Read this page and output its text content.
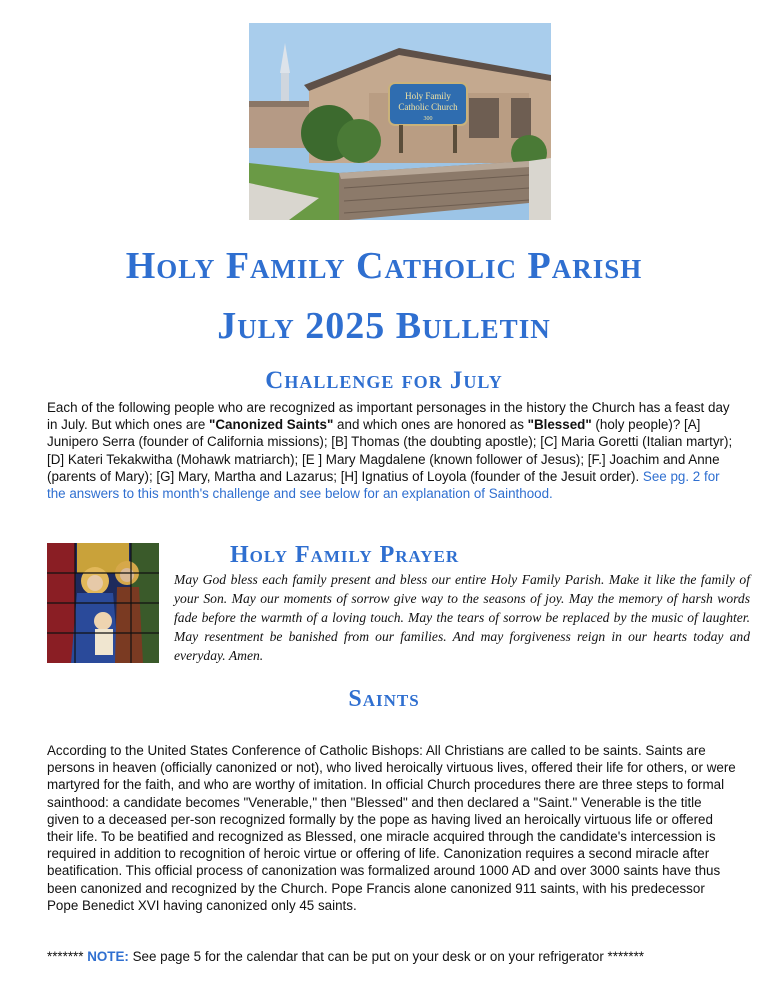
Holy Family
Catholic Church
300
Holy Family Catholic Parish
July 2025 Bulletin
Challenge for July
Each of the following people who are recognized as important personages in the history the Church has a feast day in July. But which ones are "Canonized Saints" and which ones are honored as "Blessed" (holy people)? [A] Junipero Serra (founder of California missions); [B] Thomas (the doubting apostle); [C] Maria Goretti (Italian martyr); [D] Kateri Tekakwitha (Mohawk matriarch); [E ] Mary Magdalene (known follower of Jesus); [F.] Joachim and Anne (parents of Mary); [G] Mary, Martha and Lazarus; [H] Ignatius of Loyola (founder of the Jesuit order). See pg. 2 for the answers to this month's challenge and see below for an explanation of Sainthood.
Holy Family Prayer
May God bless each family present and bless our entire Holy Family Parish. Make it like the family of your Son. May our moments of sorrow give way to the seasons of joy. May the memory of harsh words fade before the warmth of a loving touch. May the tears of sorrow be replaced by the music of laughter. May resentment be banished from our families. And may forgiveness reign in our hearts today and everyday. Amen.
Saints
According to the United States Conference of Catholic Bishops: All Christians are called to be saints. Saints are persons in heaven (officially canonized or not), who lived heroically virtuous lives, offered their life for others, or were martyred for the faith, and who are worthy of imitation. In official Church procedures there are three steps to formal sainthood: a candidate becomes "Venerable," then "Blessed" and then declared a "Saint." Venerable is the title given to a deceased per-son recognized formally by the pope as having lived an heroically virtuous life or offered their life. To be beatified and recognized as Blessed, one miracle acquired through the candidate's intercession is required in addition to recognition of heroic virtue or offering of life. Canonization requires a second miracle after beatification. This official process of canonization was formalized around 1000 AD and over 3000 saints have thus been canonized and recognized by the Church. Pope Francis alone canonized 911 saints, with his predecessor Pope Benedict XVI having canonized only 45 saints.
******* NOTE: See page 5 for the calendar that can be put on your desk or on your refrigerator *******
